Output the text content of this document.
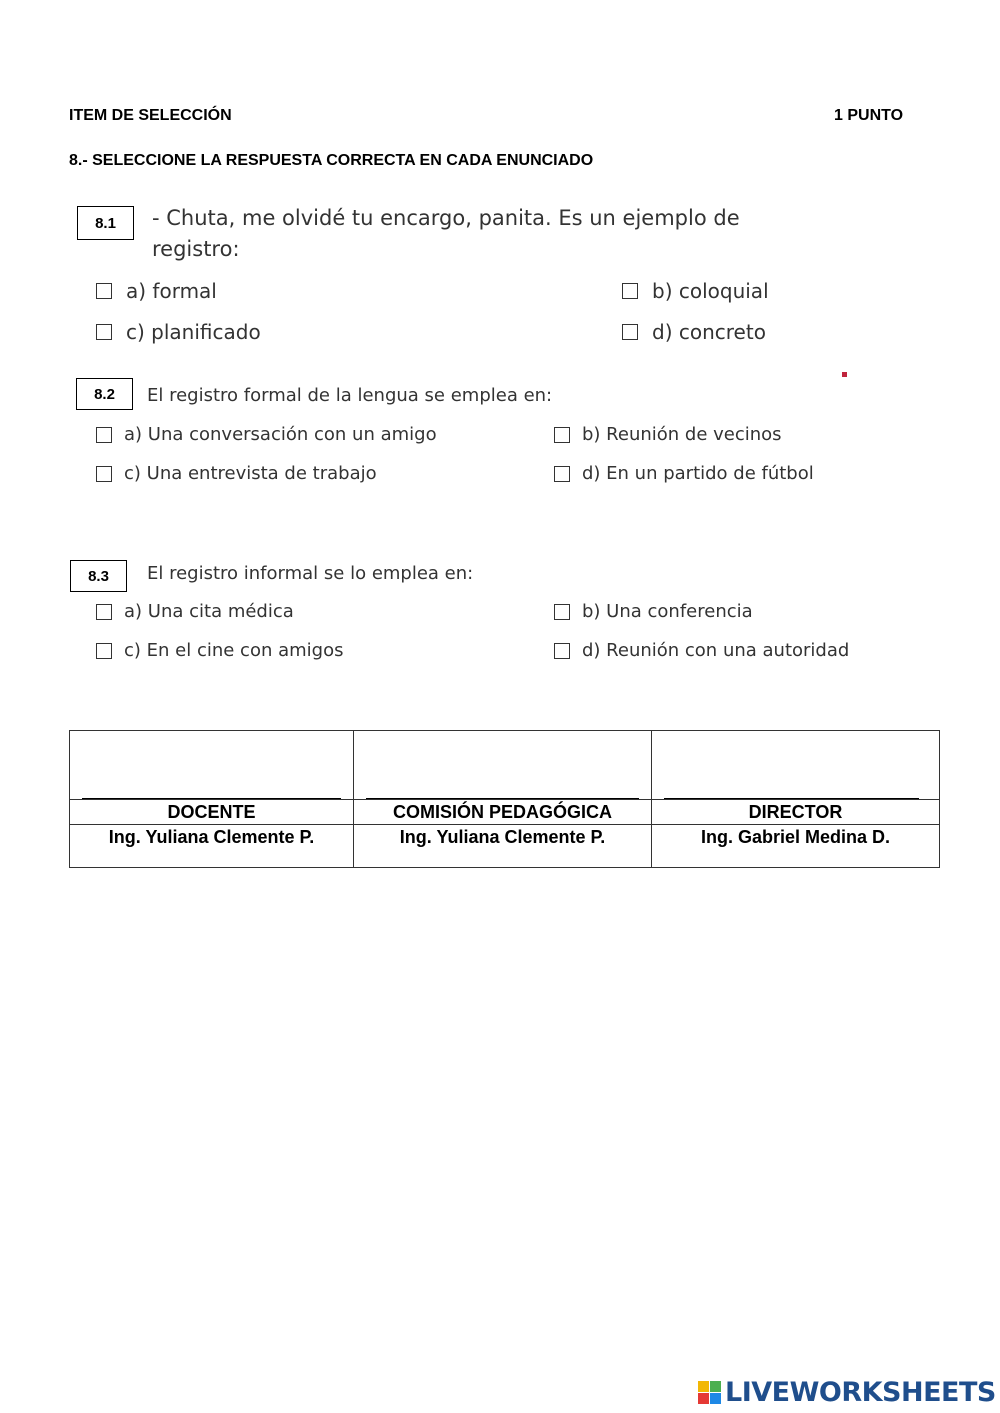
ITEM DE SELECCIÓN	1 PUNTO
8.- SELECCIONE LA RESPUESTA CORRECTA EN CADA ENUNCIADO
8.1	- Chuta, me olvidé tu encargo, panita. Es un ejemplo de
registro:
a) formal	b) coloquial
c) planificado	d) concreto
8.2	El registro formal de la lengua se emplea en:
a) Una conversación con un amigo	b) Reunión de vecinos
c) Una entrevista de trabajo	d) En un partido de fútbol
8.3	El registro informal se lo emplea en:
a) Una cita médica	b) Una conferencia
c) En el cine con amigos	d) Reunión con una autoridad

DOCENTE	COMISIÓN PEDAGÓGICA	DIRECTOR
Ing. Yuliana Clemente P.	Ing. Yuliana Clemente P.	Ing. Gabriel Medina D.
LIVEWORKSHEETS
